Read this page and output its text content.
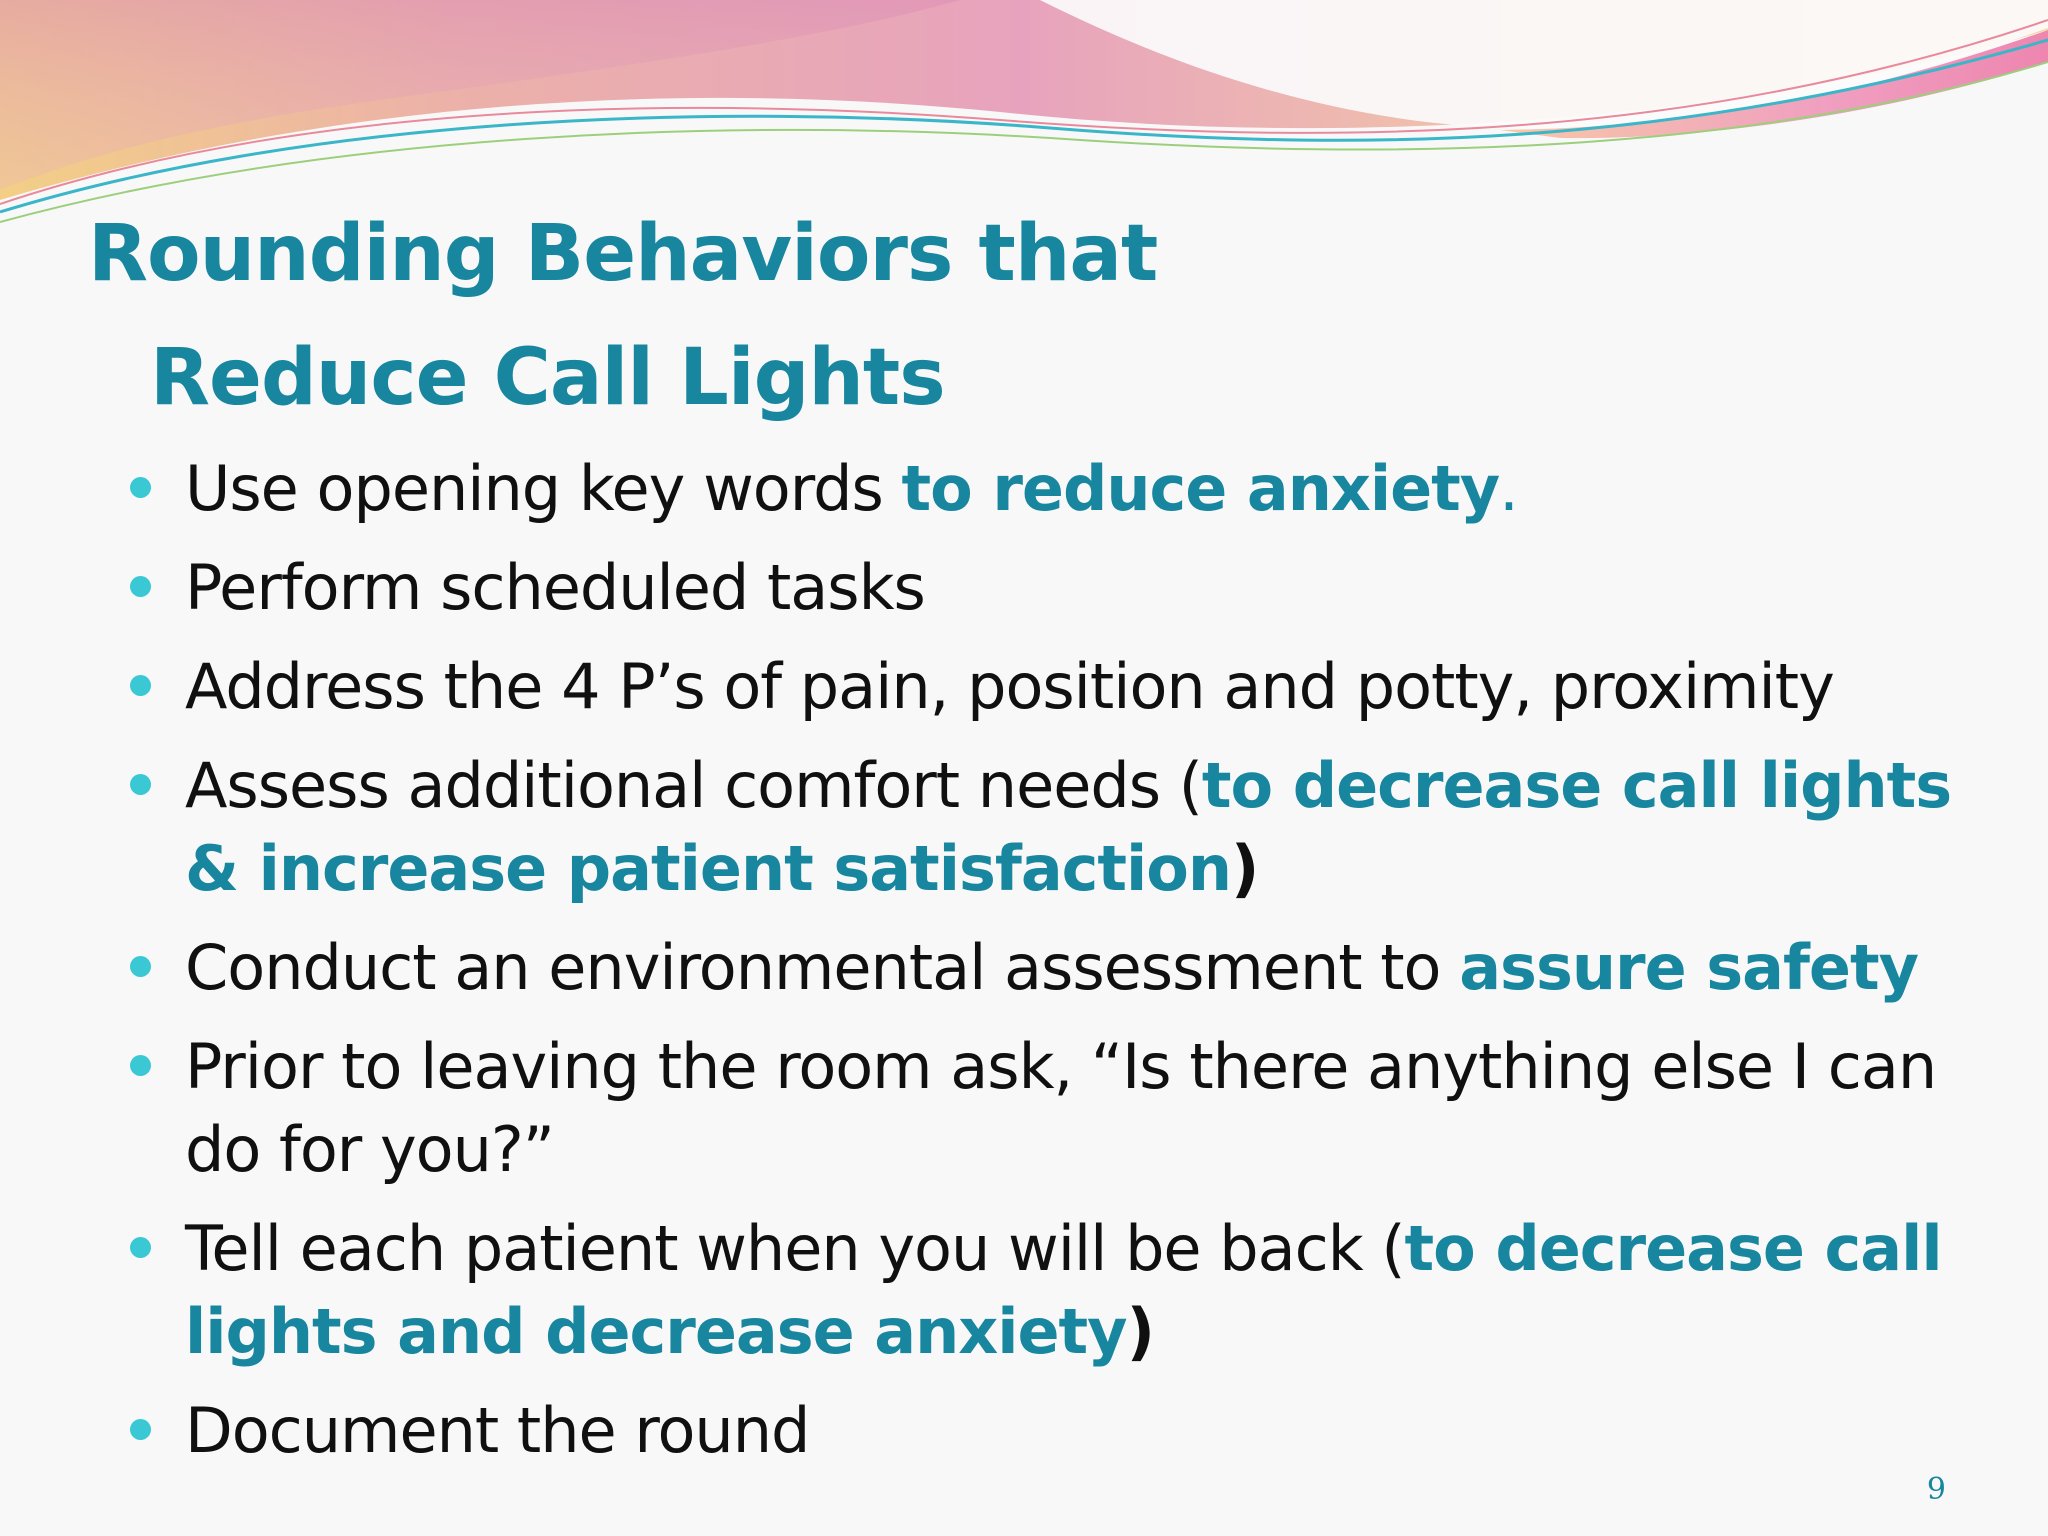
Rounding Behaviors that
Reduce Call Lights
Use opening key words to reduce anxiety.
Perform scheduled tasks
Address the 4 P’s of pain, position and potty, proximity
Assess additional comfort needs (to decrease call lights & increase patient satisfaction)
Conduct an environmental assessment to assure safety
Prior to leaving the room ask, “Is there anything else I can do for you?”
Tell each patient when you will be back (to decrease call lights and decrease anxiety)
Document the round
9
